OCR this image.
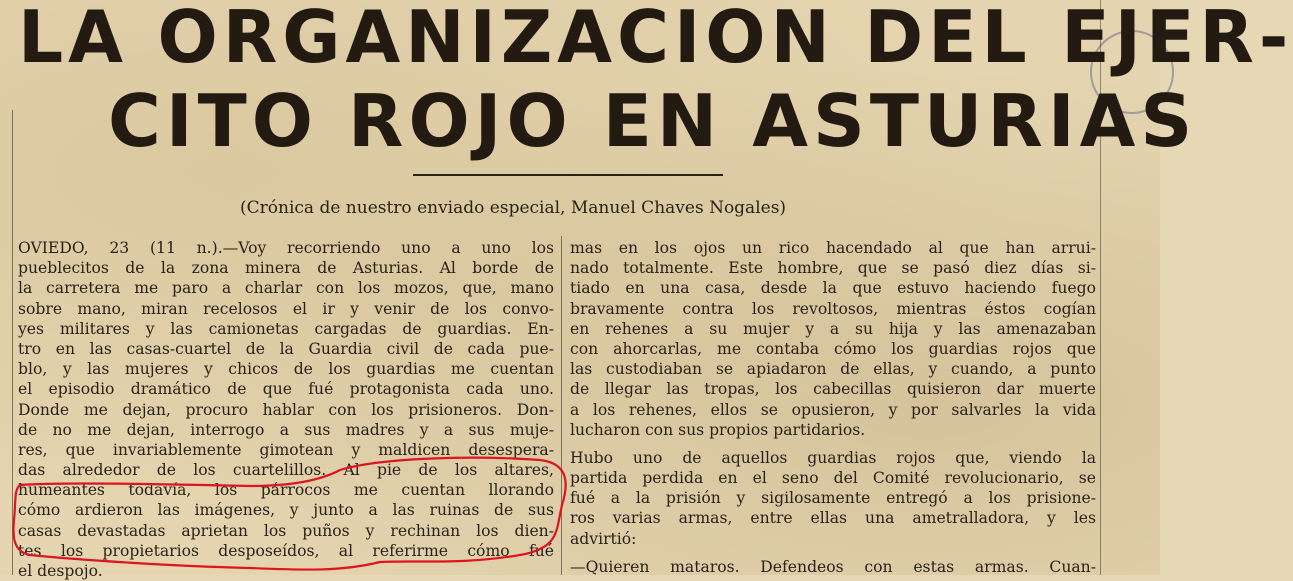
LA ORGANIZACION DEL EJER-
CITO ROJO EN ASTURIAS
(Crónica de nuestro enviado especial, Manuel Chaves Nogales)
OVIEDO, 23 (11 n.).—Voy recorriendo uno a uno los
pueblecitos de la zona minera de Asturias. Al borde de
la carretera me paro a charlar con los mozos, que, mano
sobre mano, miran recelosos el ir y venir de los convo-
yes militares y las camionetas cargadas de guardias. En-
tro en las casas-cuartel de la Guardia civil de cada pue-
blo, y las mujeres y chicos de los guardias me cuentan
el episodio dramático de que fué protagonista cada uno.
Donde me dejan, procuro hablar con los prisioneros. Don-
de no me dejan, interrogo a sus madres y a sus muje-
res, que invariablemente gimotean y maldicen desespera-
das alrededor de los cuartelillos. Al pie de los altares,
humeantes todavía, los párrocos me cuentan llorando
cómo ardieron las imágenes, y junto a las ruinas de sus
casas devastadas aprietan los puños y rechinan los dien-
tes los propietarios desposeídos, al referirme cómo fué
el despojo.
mas en los ojos un rico hacendado al que han arrui-
nado totalmente. Este hombre, que se pasó diez días si-
tiado en una casa, desde la que estuvo haciendo fuego
bravamente contra los revoltosos, mientras éstos cogían
en rehenes a su mujer y a su hija y las amenazaban
con ahorcarlas, me contaba cómo los guardias rojos que
las custodiaban se apiadaron de ellas, y cuando, a punto
de llegar las tropas, los cabecillas quisieron dar muerte
a los rehenes, ellos se opusieron, y por salvarles la vida
lucharon con sus propios partidarios.
Hubo uno de aquellos guardias rojos que, viendo la
partida perdida en el seno del Comité revolucionario, se
fué a la prisión y sigilosamente entregó a los prisione-
ros varias armas, entre ellas una ametralladora, y les
advirtió:
—Quieren mataros. Defendeos con estas armas. Cuan-
